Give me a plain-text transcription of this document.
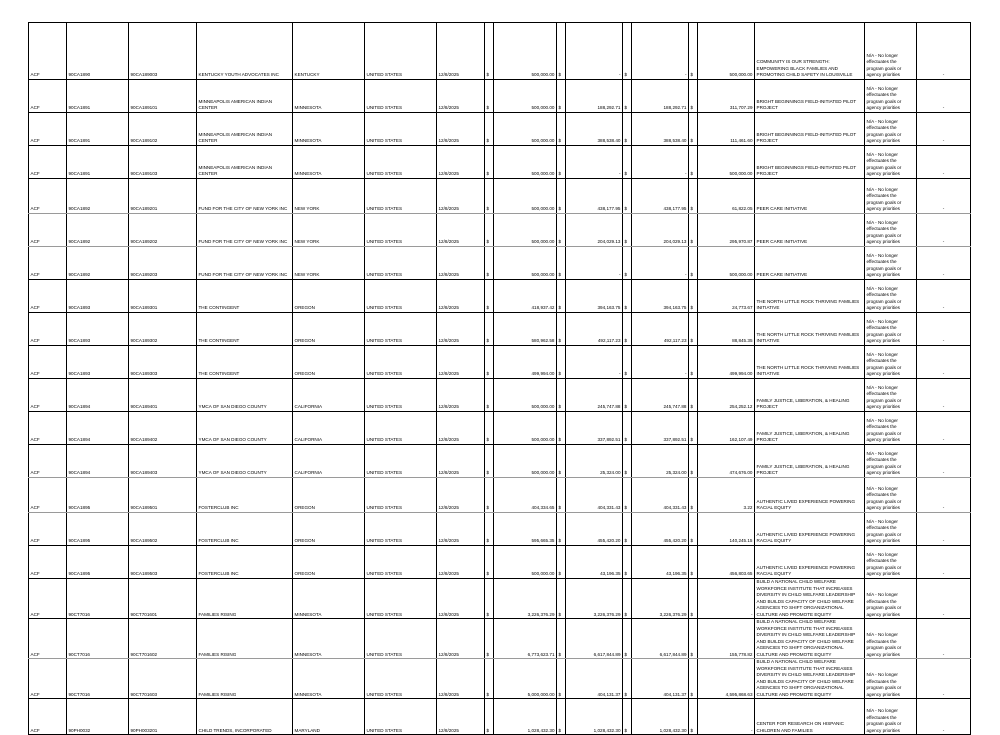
ACF	90CA1890	90CA189003	KENTUCKY YOUTH ADVOCATES INC	KENTUCKY	UNITED STATES	12/8/2025	$	500,000.00	$	-	$	-	$	500,000.00	COMMUNITY IS OUR STRENGTH: EMPOWERING BLACK FAMILIES AND PROMOTING CHILD SAFETY IN LOUISVILLE	N/A - No longer effectuates the program goals or agency priorities	-
ACF	90CA1891	90CA189101	MINNEAPOLIS AMERICAN INDIAN CENTER	MINNESOTA	UNITED STATES	12/8/2025	$	500,000.00	$	188,292.71	$	188,292.71	$	311,707.29	BRIGHT BEGINNINGS FIELD-INITIATED PILOT PROJECT	N/A - No longer effectuates the program goals or agency priorities	-
ACF	90CA1891	90CA189102	MINNEAPOLIS AMERICAN INDIAN CENTER	MINNESOTA	UNITED STATES	12/8/2025	$	500,000.00	$	388,538.40	$	388,538.40	$	111,461.60	BRIGHT BEGINNINGS FIELD-INITIATED PILOT PROJECT	N/A - No longer effectuates the program goals or agency priorities	-
ACF	90CA1891	90CA189103	MINNEAPOLIS AMERICAN INDIAN CENTER	MINNESOTA	UNITED STATES	12/8/2025	$	500,000.00	$	-	$	-	$	500,000.00	BRIGHT BEGINNINGS FIELD-INITIATED PILOT PROJECT	N/A - No longer effectuates the program goals or agency priorities	-
ACF	90CA1892	90CA189201	FUND FOR THE CITY OF NEW YORK INC	NEW YORK	UNITED STATES	12/8/2025	$	500,000.00	$	438,177.95	$	438,177.95	$	61,822.05	PEER CARE INITIATIVE	N/A - No longer effectuates the program goals or agency priorities	-
ACF	90CA1892	90CA189202	FUND FOR THE CITY OF NEW YORK INC	NEW YORK	UNITED STATES	12/8/2025	$	500,000.00	$	204,029.13	$	204,029.13	$	295,970.87	PEER CARE INITIATIVE	N/A - No longer effectuates the program goals or agency priorities	-
ACF	90CA1892	90CA189203	FUND FOR THE CITY OF NEW YORK INC	NEW YORK	UNITED STATES	12/8/2025	$	500,000.00	$	-	$	-	$	500,000.00	PEER CARE INITIATIVE	N/A - No longer effectuates the program goals or agency priorities	-
ACF	90CA1893	90CA189301	THE CONTINGENT	OREGON	UNITED STATES	12/8/2025	$	418,937.42	$	394,163.75	$	394,163.75	$	24,773.67	THE NORTH LITTLE ROCK THRIVING FAMILIES INITIATIVE	N/A - No longer effectuates the program goals or agency priorities	-
ACF	90CA1893	90CA189302	THE CONTINGENT	OREGON	UNITED STATES	12/8/2025	$	580,962.58	$	492,117.23	$	492,117.23	$	88,845.35	THE NORTH LITTLE ROCK THRIVING FAMILIES INITIATIVE	N/A - No longer effectuates the program goals or agency priorities	-
ACF	90CA1893	90CA189303	THE CONTINGENT	OREGON	UNITED STATES	12/8/2025	$	499,994.00	$	-	$	-	$	499,994.00	THE NORTH LITTLE ROCK THRIVING FAMILIES INITIATIVE	N/A - No longer effectuates the program goals or agency priorities	-
ACF	90CA1894	90CA189401	YMCA OF SAN DIEGO COUNTY	CALIFORNIA	UNITED STATES	12/8/2025	$	500,000.00	$	245,747.88	$	245,747.88	$	254,252.12	FAMILY JUSTICE, LIBERATION, & HEALING PROJECT	N/A - No longer effectuates the program goals or agency priorities	-
ACF	90CA1894	90CA189402	YMCA OF SAN DIEGO COUNTY	CALIFORNIA	UNITED STATES	12/8/2025	$	500,000.00	$	337,892.51	$	337,892.51	$	162,107.49	FAMILY JUSTICE, LIBERATION, & HEALING PROJECT	N/A - No longer effectuates the program goals or agency priorities	-
ACF	90CA1894	90CA189403	YMCA OF SAN DIEGO COUNTY	CALIFORNIA	UNITED STATES	12/8/2025	$	500,000.00	$	25,324.00	$	25,324.00	$	474,676.00	FAMILY JUSTICE, LIBERATION, & HEALING PROJECT	N/A - No longer effectuates the program goals or agency priorities	-
ACF	90CA1895	90CA189501	FOSTERCLUB INC	OREGON	UNITED STATES	12/8/2025	$	404,334.65	$	404,331.43	$	404,331.43	$	3.22	AUTHENTIC LIVED EXPERIENCE POWERING RACIAL EQUITY	N/A - No longer effectuates the program goals or agency priorities	-
ACF	90CA1895	90CA189502	FOSTERCLUB INC	OREGON	UNITED STATES	12/8/2025	$	595,665.35	$	455,420.20	$	455,420.20	$	140,245.15	AUTHENTIC LIVED EXPERIENCE POWERING RACIAL EQUITY	N/A - No longer effectuates the program goals or agency priorities	-
ACF	90CA1895	90CA189503	FOSTERCLUB INC	OREGON	UNITED STATES	12/8/2025	$	500,000.00	$	43,196.35	$	43,196.35	$	456,803.65	AUTHENTIC LIVED EXPERIENCE POWERING RACIAL EQUITY	N/A - No longer effectuates the program goals or agency priorities	-
ACF	90CT7016	90CT701601	FAMILIES RISING	MINNESOTA	UNITED STATES	12/8/2025	$	3,226,376.29	$	3,226,376.29	$	3,226,376.29	$	-	BUILD A NATIONAL CHILD WELFARE WORKFORCE INSTITUTE THAT INCREASES DIVERSITY IN CHILD WELFARE LEADERSHIP AND BUILDS CAPACITY OF CHILD WELFARE AGENCIES TO SHIFT ORGANIZATIONAL CULTURE AND PROMOTE EQUITY	N/A - No longer effectuates the program goals or agency priorities	-
ACF	90CT7016	90CT701602	FAMILIES RISING	MINNESOTA	UNITED STATES	12/8/2025	$	6,773,623.71	$	6,617,844.89	$	6,617,844.89	$	155,778.82	BUILD A NATIONAL CHILD WELFARE WORKFORCE INSTITUTE THAT INCREASES DIVERSITY IN CHILD WELFARE LEADERSHIP AND BUILDS CAPACITY OF CHILD WELFARE AGENCIES TO SHIFT ORGANIZATIONAL CULTURE AND PROMOTE EQUITY	N/A - No longer effectuates the program goals or agency priorities	-
ACF	90CT7016	90CT701603	FAMILIES RISING	MINNESOTA	UNITED STATES	12/8/2025	$	5,000,000.00	$	404,131.37	$	404,131.37	$	4,595,868.63	BUILD A NATIONAL CHILD WELFARE WORKFORCE INSTITUTE THAT INCREASES DIVERSITY IN CHILD WELFARE LEADERSHIP AND BUILDS CAPACITY OF CHILD WELFARE AGENCIES TO SHIFT ORGANIZATIONAL CULTURE AND PROMOTE EQUITY	N/A - No longer effectuates the program goals or agency priorities	-
ACF	90PH0032	90PH003201	CHILD TRENDS, INCORPORATED	MARYLAND	UNITED STATES	12/8/2025	$	1,028,432.30	$	1,028,432.30	$	1,028,432.30	$	-	CENTER FOR RESEARCH ON HISPANIC CHILDREN AND FAMILIES	N/A - No longer effectuates the program goals or agency priorities	-
